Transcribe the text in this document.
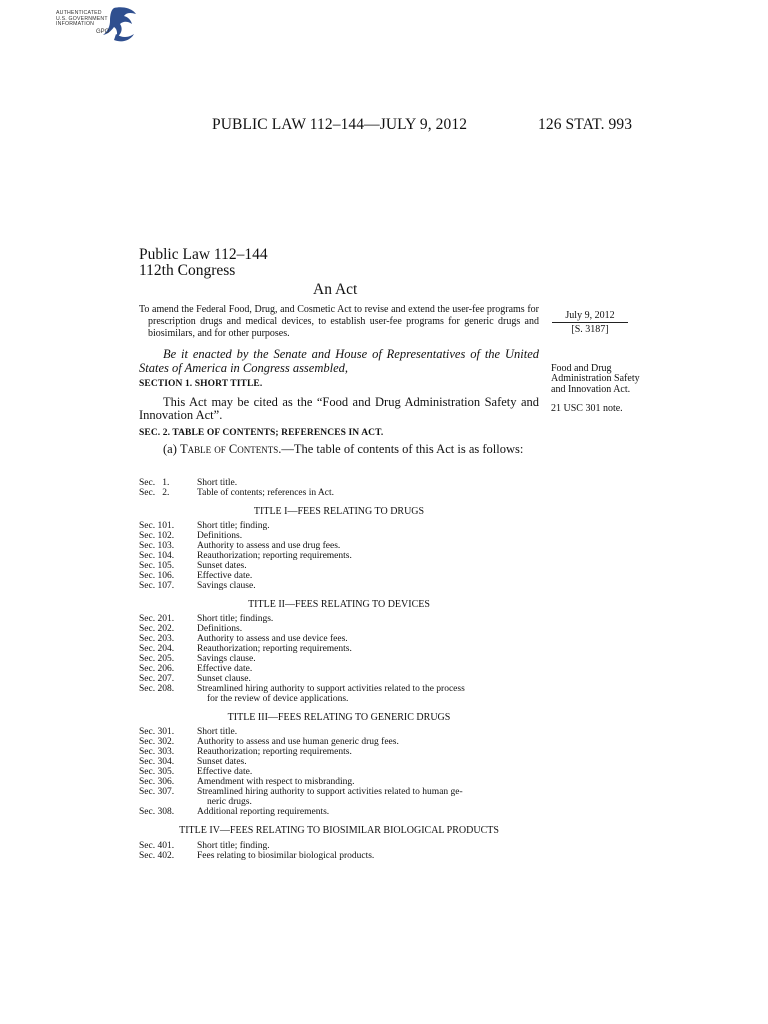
AUTHENTICATED
U.S. GOVERNMENT
INFORMATION
GPO
PUBLIC LAW 112–144—JULY 9, 2012	126 STAT. 993
Public Law 112–144
112th Congress
An Act
To amend the Federal Food, Drug, and Cosmetic Act to revise and extend the user-fee programs for prescription drugs and medical devices, to establish user-fee programs for generic drugs and biosimilars, and for other purposes.
July 9, 2012
[S. 3187]
Be it enacted by the Senate and House of Representatives of the United States of America in Congress assembled,	Food and Drug Administration Safety and Innovation Act.
21 USC 301 note.
SECTION 1. SHORT TITLE.
This Act may be cited as the “Food and Drug Administration Safety and Innovation Act”.
SEC. 2. TABLE OF CONTENTS; REFERENCES IN ACT.
(a) Table of Contents.—The table of contents of this Act is as follows:
Sec.   1.	Short title.
Sec.   2.	Table of contents; references in Act.
TITLE I—FEES RELATING TO DRUGS
Sec. 101.	Short title; finding.
Sec. 102.	Definitions.
Sec. 103.	Authority to assess and use drug fees.
Sec. 104.	Reauthorization; reporting requirements.
Sec. 105.	Sunset dates.
Sec. 106.	Effective date.
Sec. 107.	Savings clause.
TITLE II—FEES RELATING TO DEVICES
Sec. 201.	Short title; findings.
Sec. 202.	Definitions.
Sec. 203.	Authority to assess and use device fees.
Sec. 204.	Reauthorization; reporting requirements.
Sec. 205.	Savings clause.
Sec. 206.	Effective date.
Sec. 207.	Sunset clause.
Sec. 208.	Streamlined hiring authority to support activities related to the process
for the review of device applications.
TITLE III—FEES RELATING TO GENERIC DRUGS
Sec. 301.	Short title.
Sec. 302.	Authority to assess and use human generic drug fees.
Sec. 303.	Reauthorization; reporting requirements.
Sec. 304.	Sunset dates.
Sec. 305.	Effective date.
Sec. 306.	Amendment with respect to misbranding.
Sec. 307.	Streamlined hiring authority to support activities related to human ge-
neric drugs.
Sec. 308.	Additional reporting requirements.
TITLE IV—FEES RELATING TO BIOSIMILAR BIOLOGICAL PRODUCTS
Sec. 401.	Short title; finding.
Sec. 402.	Fees relating to biosimilar biological products.
